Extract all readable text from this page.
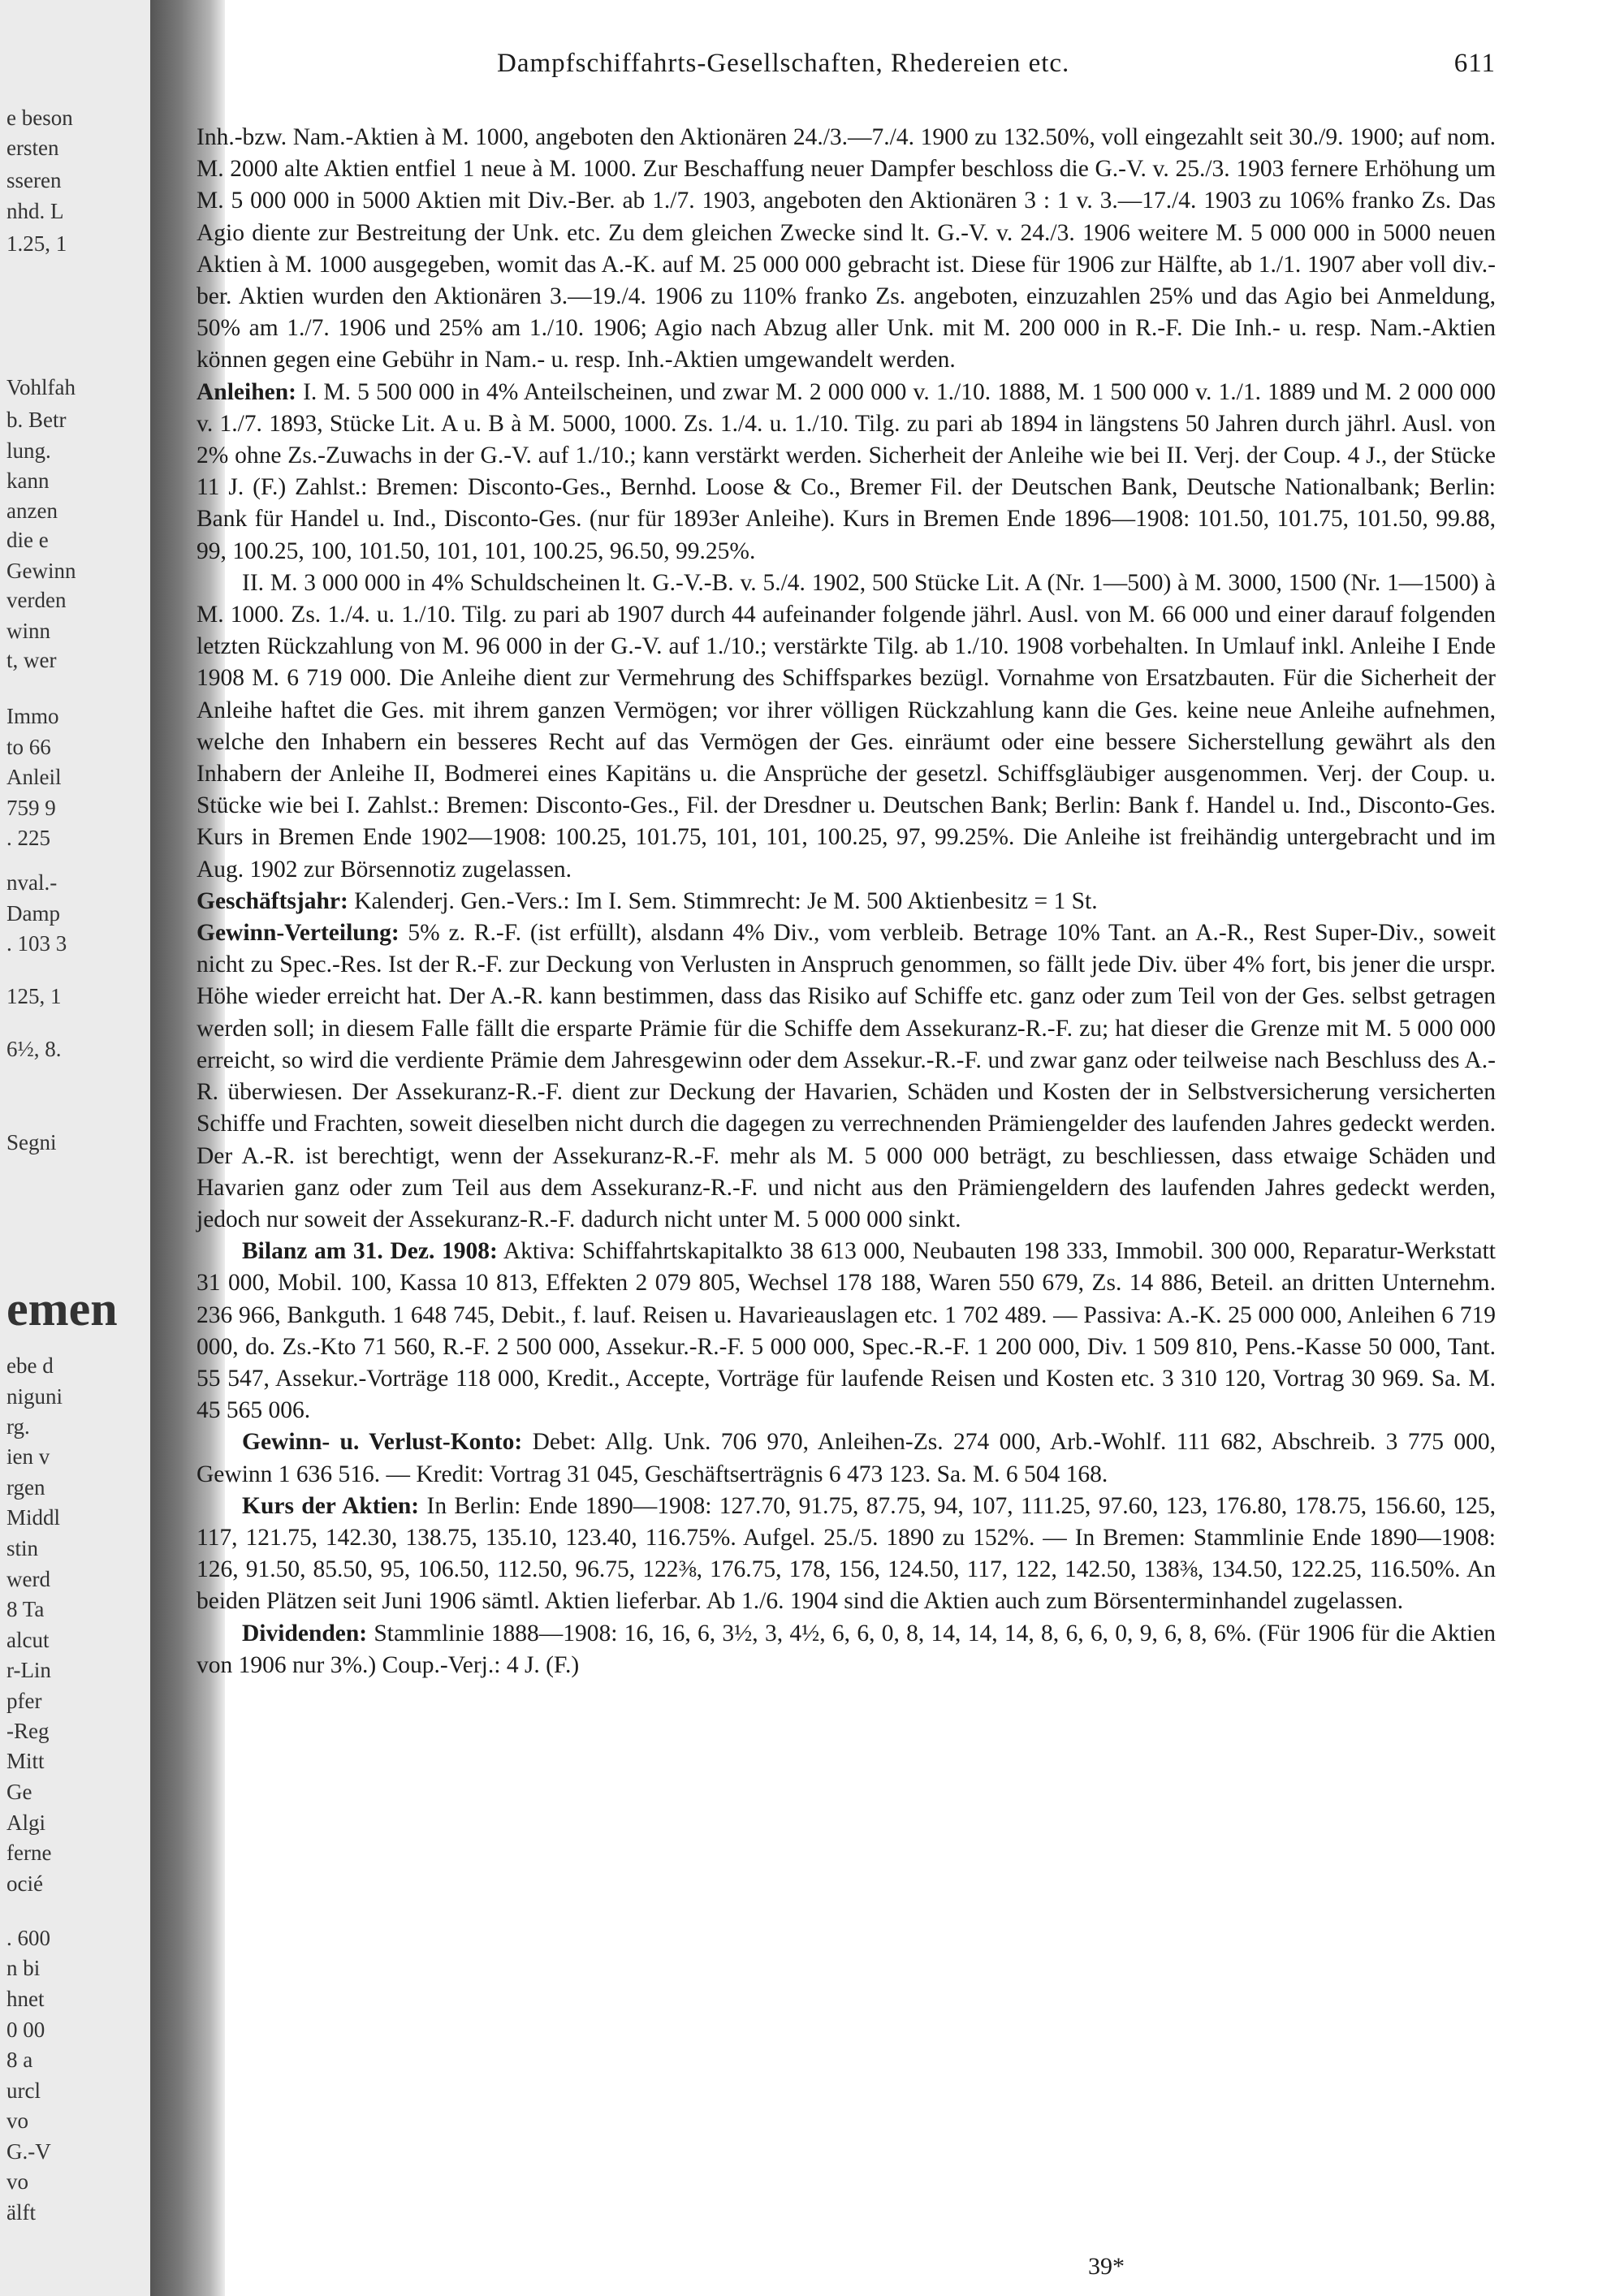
e beson
ersten
sseren
nhd. L
1.25, 1
Vohlfah
b. Betr
lung.
kann
anzen
die e
Gewinn
verden
winn
t, wer
Immo
to 66
Anleil
759 9
. 225
nval.-
Damp
. 103 3
125, 1
6½, 8.
Segni
emen
ebe d
niguni
rg.
ien v
rgen
Middl
stin
werd
8 Ta
alcut
r-Lin
pfer
-Reg
Mitt
Ge
Algi
ferne
ocié
. 600
n bi
hnet
0 00
8 a
urcl
vo
G.-V
vo
älft
Dampfschiffahrts-Gesellschaften, Rhedereien etc.	611

Inh.-bzw. Nam.-Aktien à M. 1000, angeboten den Aktionären 24./3.—7./4. 1900 zu 132.50%, voll eingezahlt seit 30./9. 1900; auf nom. M. 2000 alte Aktien entfiel 1 neue à M. 1000. Zur Beschaffung neuer Dampfer beschloss die G.-V. v. 25./3. 1903 fernere Erhöhung um M. 5 000 000 in 5000 Aktien mit Div.-Ber. ab 1./7. 1903, angeboten den Aktionären 3 : 1 v. 3.—17./4. 1903 zu 106% franko Zs. Das Agio diente zur Bestreitung der Unk. etc. Zu dem gleichen Zwecke sind lt. G.-V. v. 24./3. 1906 weitere M. 5 000 000 in 5000 neuen Aktien à M. 1000 ausgegeben, womit das A.-K. auf M. 25 000 000 gebracht ist. Diese für 1906 zur Hälfte, ab 1./1. 1907 aber voll div.-ber. Aktien wurden den Aktionären 3.—19./4. 1906 zu 110% franko Zs. angeboten, einzuzahlen 25% und das Agio bei Anmeldung, 50% am 1./7. 1906 und 25% am 1./10. 1906; Agio nach Abzug aller Unk. mit M. 200 000 in R.-F. Die Inh.- u. resp. Nam.-Aktien können gegen eine Gebühr in Nam.- u. resp. Inh.-Aktien umgewandelt werden.

Anleihen: I. M. 5 500 000 in 4% Anteilscheinen, und zwar M. 2 000 000 v. 1./10. 1888, M. 1 500 000 v. 1./1. 1889 und M. 2 000 000 v. 1./7. 1893, Stücke Lit. A u. B à M. 5000, 1000. Zs. 1./4. u. 1./10. Tilg. zu pari ab 1894 in längstens 50 Jahren durch jährl. Ausl. von 2% ohne Zs.-Zuwachs in der G.-V. auf 1./10.; kann verstärkt werden. Sicherheit der Anleihe wie bei II. Verj. der Coup. 4 J., der Stücke 11 J. (F.) Zahlst.: Bremen: Disconto-Ges., Bernhd. Loose & Co., Bremer Fil. der Deutschen Bank, Deutsche Nationalbank; Berlin: Bank für Handel u. Ind., Disconto-Ges. (nur für 1893er Anleihe). Kurs in Bremen Ende 1896—1908: 101.50, 101.75, 101.50, 99.88, 99, 100.25, 100, 101.50, 101, 101, 100.25, 96.50, 99.25%.

II. M. 3 000 000 in 4% Schuldscheinen lt. G.-V.-B. v. 5./4. 1902, 500 Stücke Lit. A (Nr. 1—500) à M. 3000, 1500 (Nr. 1—1500) à M. 1000. Zs. 1./4. u. 1./10. Tilg. zu pari ab 1907 durch 44 aufeinander folgende jährl. Ausl. von M. 66 000 und einer darauf folgenden letzten Rückzahlung von M. 96 000 in der G.-V. auf 1./10.; verstärkte Tilg. ab 1./10. 1908 vorbehalten. In Umlauf inkl. Anleihe I Ende 1908 M. 6 719 000. Die Anleihe dient zur Vermehrung des Schiffsparkes bezügl. Vornahme von Ersatzbauten. Für die Sicherheit der Anleihe haftet die Ges. mit ihrem ganzen Vermögen; vor ihrer völligen Rückzahlung kann die Ges. keine neue Anleihe aufnehmen, welche den Inhabern ein besseres Recht auf das Vermögen der Ges. einräumt oder eine bessere Sicherstellung gewährt als den Inhabern der Anleihe II, Bodmerei eines Kapitäns u. die Ansprüche der gesetzl. Schiffsgläubiger ausgenommen. Verj. der Coup. u. Stücke wie bei I. Zahlst.: Bremen: Disconto-Ges., Fil. der Dresdner u. Deutschen Bank; Berlin: Bank f. Handel u. Ind., Disconto-Ges. Kurs in Bremen Ende 1902—1908: 100.25, 101.75, 101, 101, 100.25, 97, 99.25%. Die Anleihe ist freihändig untergebracht und im Aug. 1902 zur Börsennotiz zugelassen.

Geschäftsjahr: Kalenderj. Gen.-Vers.: Im I. Sem. Stimmrecht: Je M. 500 Aktienbesitz = 1 St.

Gewinn-Verteilung: 5% z. R.-F. (ist erfüllt), alsdann 4% Div., vom verbleib. Betrage 10% Tant. an A.-R., Rest Super-Div., soweit nicht zu Spec.-Res. Ist der R.-F. zur Deckung von Verlusten in Anspruch genommen, so fällt jede Div. über 4% fort, bis jener die urspr. Höhe wieder erreicht hat. Der A.-R. kann bestimmen, dass das Risiko auf Schiffe etc. ganz oder zum Teil von der Ges. selbst getragen werden soll; in diesem Falle fällt die ersparte Prämie für die Schiffe dem Assekuranz-R.-F. zu; hat dieser die Grenze mit M. 5 000 000 erreicht, so wird die verdiente Prämie dem Jahresgewinn oder dem Assekur.-R.-F. und zwar ganz oder teilweise nach Beschluss des A.-R. überwiesen. Der Assekuranz-R.-F. dient zur Deckung der Havarien, Schäden und Kosten der in Selbstversicherung versicherten Schiffe und Frachten, soweit dieselben nicht durch die dagegen zu verrechnenden Prämiengelder des laufenden Jahres gedeckt werden. Der A.-R. ist berechtigt, wenn der Assekuranz-R.-F. mehr als M. 5 000 000 beträgt, zu beschliessen, dass etwaige Schäden und Havarien ganz oder zum Teil aus dem Assekuranz-R.-F. und nicht aus den Prämiengeldern des laufenden Jahres gedeckt werden, jedoch nur soweit der Assekuranz-R.-F. dadurch nicht unter M. 5 000 000 sinkt.

Bilanz am 31. Dez. 1908: Aktiva: Schiffahrtskapitalkto 38 613 000, Neubauten 198 333, Immobil. 300 000, Reparatur-Werkstatt 31 000, Mobil. 100, Kassa 10 813, Effekten 2 079 805, Wechsel 178 188, Waren 550 679, Zs. 14 886, Beteil. an dritten Unternehm. 236 966, Bankguth. 1 648 745, Debit., f. lauf. Reisen u. Havarieauslagen etc. 1 702 489. — Passiva: A.-K. 25 000 000, Anleihen 6 719 000, do. Zs.-Kto 71 560, R.-F. 2 500 000, Assekur.-R.-F. 5 000 000, Spec.-R.-F. 1 200 000, Div. 1 509 810, Pens.-Kasse 50 000, Tant. 55 547, Assekur.-Vorträge 118 000, Kredit., Accepte, Vorträge für laufende Reisen und Kosten etc. 3 310 120, Vortrag 30 969. Sa. M. 45 565 006.

Gewinn- u. Verlust-Konto: Debet: Allg. Unk. 706 970, Anleihen-Zs. 274 000, Arb.-Wohlf. 111 682, Abschreib. 3 775 000, Gewinn 1 636 516. — Kredit: Vortrag 31 045, Geschäftserträgnis 6 473 123. Sa. M. 6 504 168.

Kurs der Aktien: In Berlin: Ende 1890—1908: 127.70, 91.75, 87.75, 94, 107, 111.25, 97.60, 123, 176.80, 178.75, 156.60, 125, 117, 121.75, 142.30, 138.75, 135.10, 123.40, 116.75%. Aufgel. 25./5. 1890 zu 152%. — In Bremen: Stammlinie Ende 1890—1908: 126, 91.50, 85.50, 95, 106.50, 112.50, 96.75, 122⅜, 176.75, 178, 156, 124.50, 117, 122, 142.50, 138⅜, 134.50, 122.25, 116.50%. An beiden Plätzen seit Juni 1906 sämtl. Aktien lieferbar. Ab 1./6. 1904 sind die Aktien auch zum Börsenterminhandel zugelassen.

Dividenden: Stammlinie 1888—1908: 16, 16, 6, 3½, 3, 4½, 6, 6, 0, 8, 14, 14, 14, 8, 6, 6, 0, 9, 6, 8, 6%. (Für 1906 für die Aktien von 1906 nur 3%.) Coup.-Verj.: 4 J. (F.)

39*
